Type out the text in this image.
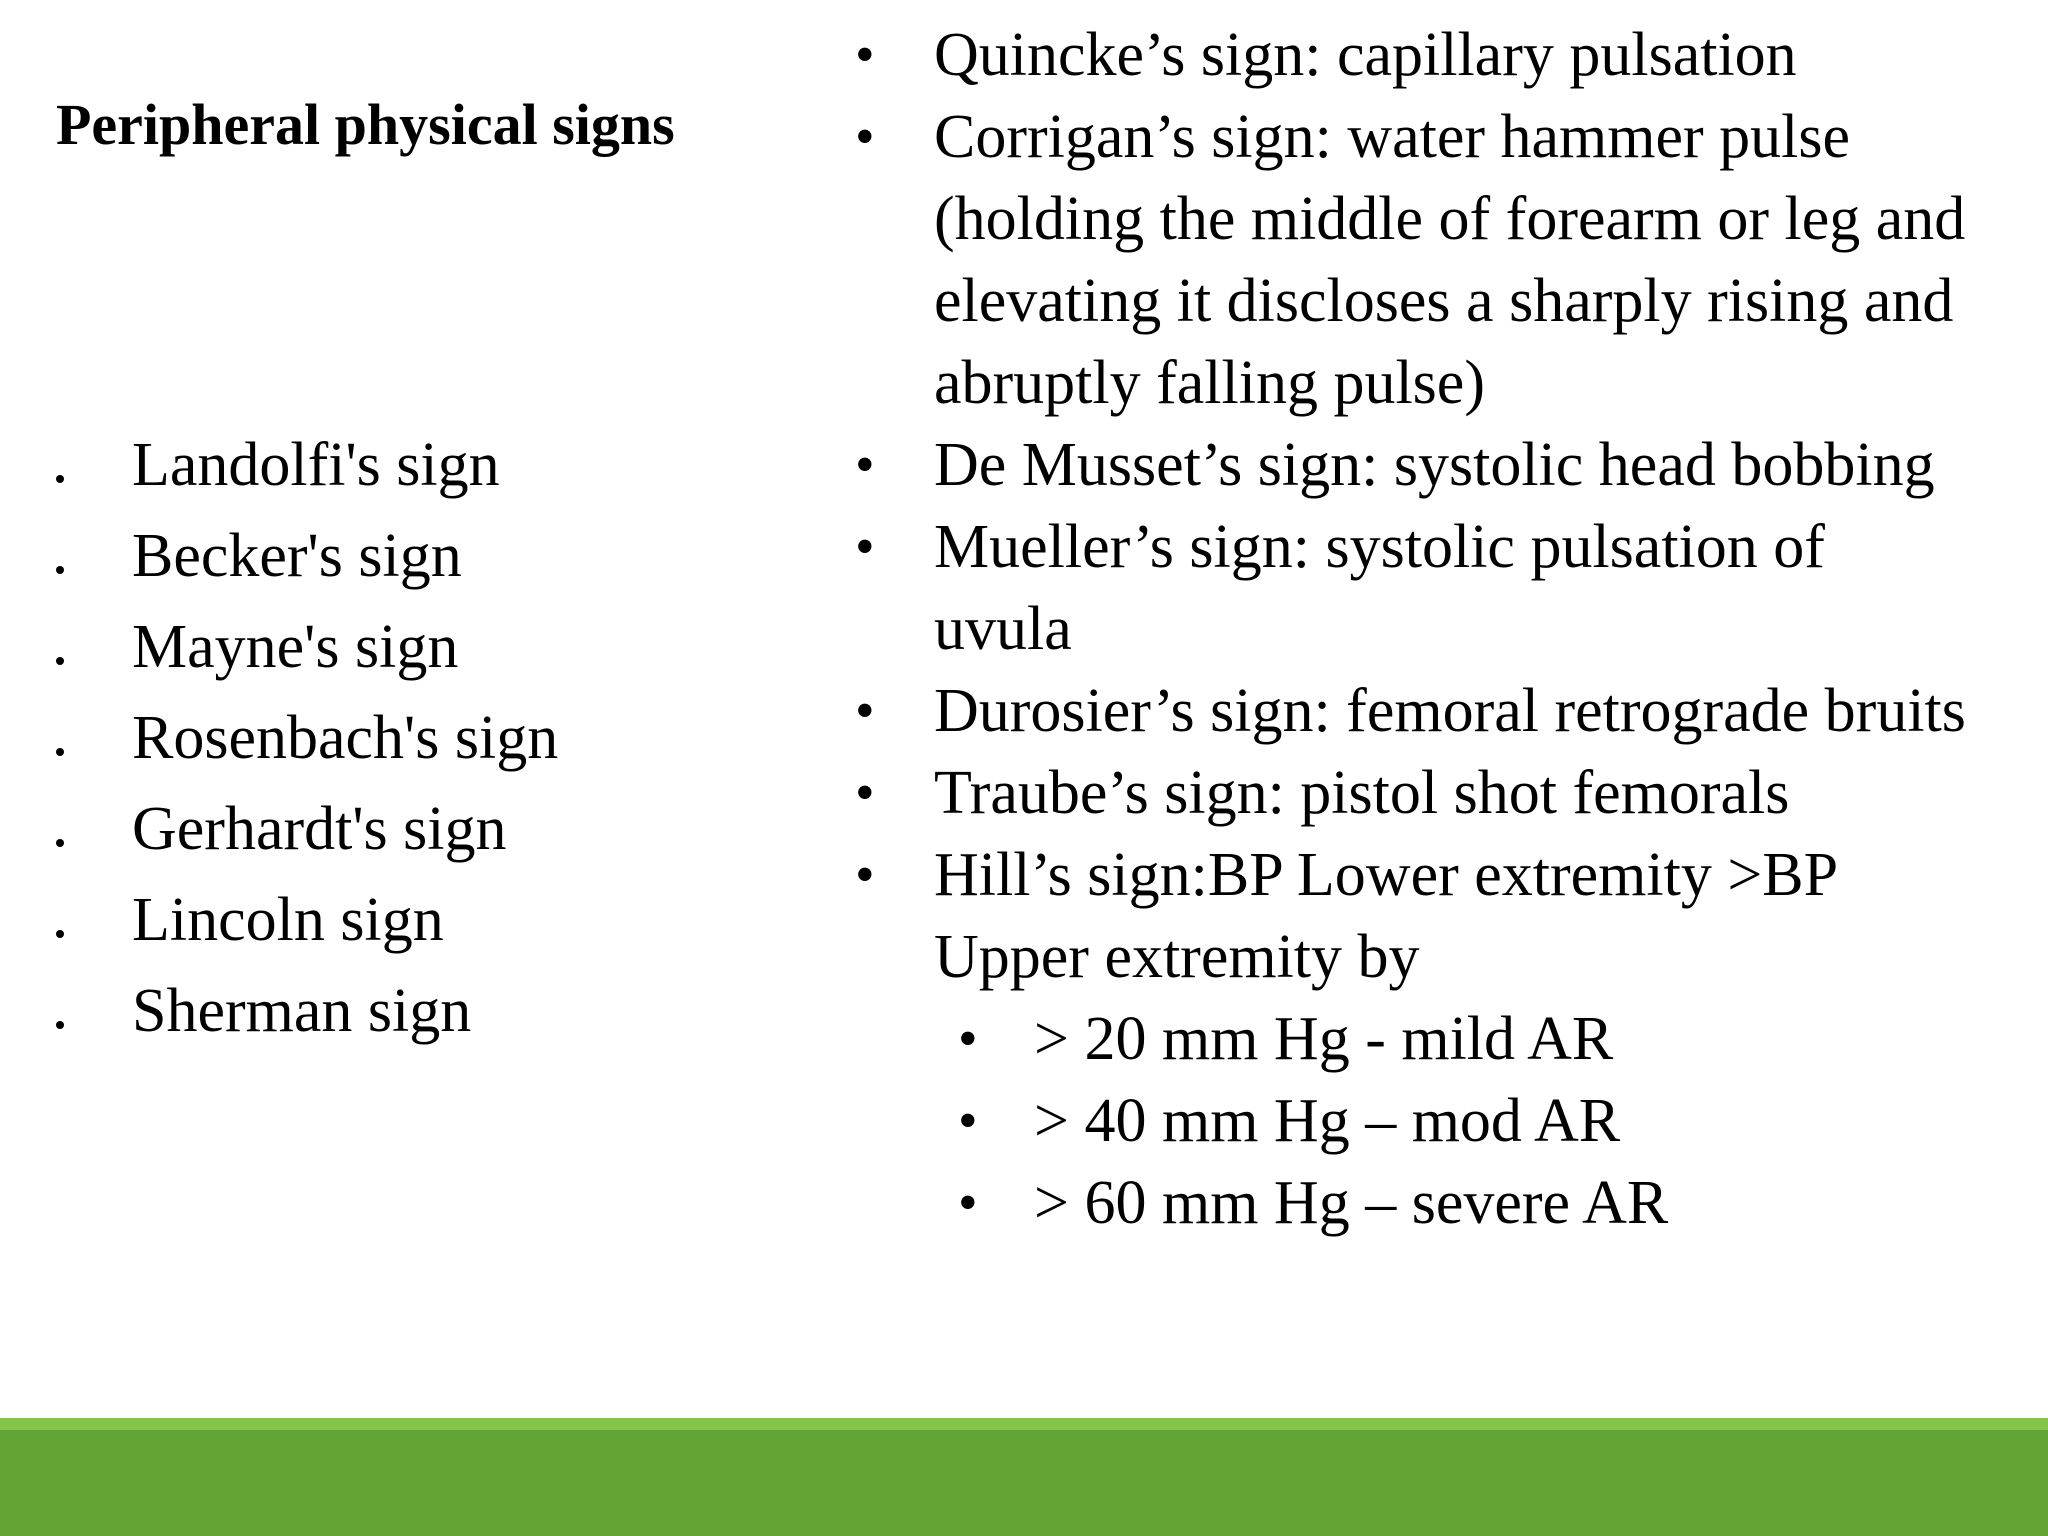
Peripheral physical signs
Landolfi's sign
Becker's sign
Mayne's sign
Rosenbach's sign
Gerhardt's sign
Lincoln sign
Sherman sign
• Quincke’s sign: capillary pulsation
• Corrigan’s sign: water hammer pulse (holding the middle of forearm or leg and elevating it discloses a sharply rising and abruptly falling pulse)
• De Musset’s sign: systolic head bobbing
• Mueller’s sign: systolic pulsation of uvula
• Durosier’s sign: femoral retrograde bruits
• Traube’s sign: pistol shot femorals
• Hill’s sign:BP Lower extremity >BP Upper extremity by
• > 20 mm Hg - mild AR
• > 40 mm Hg – mod AR
• > 60 mm Hg – severe AR
